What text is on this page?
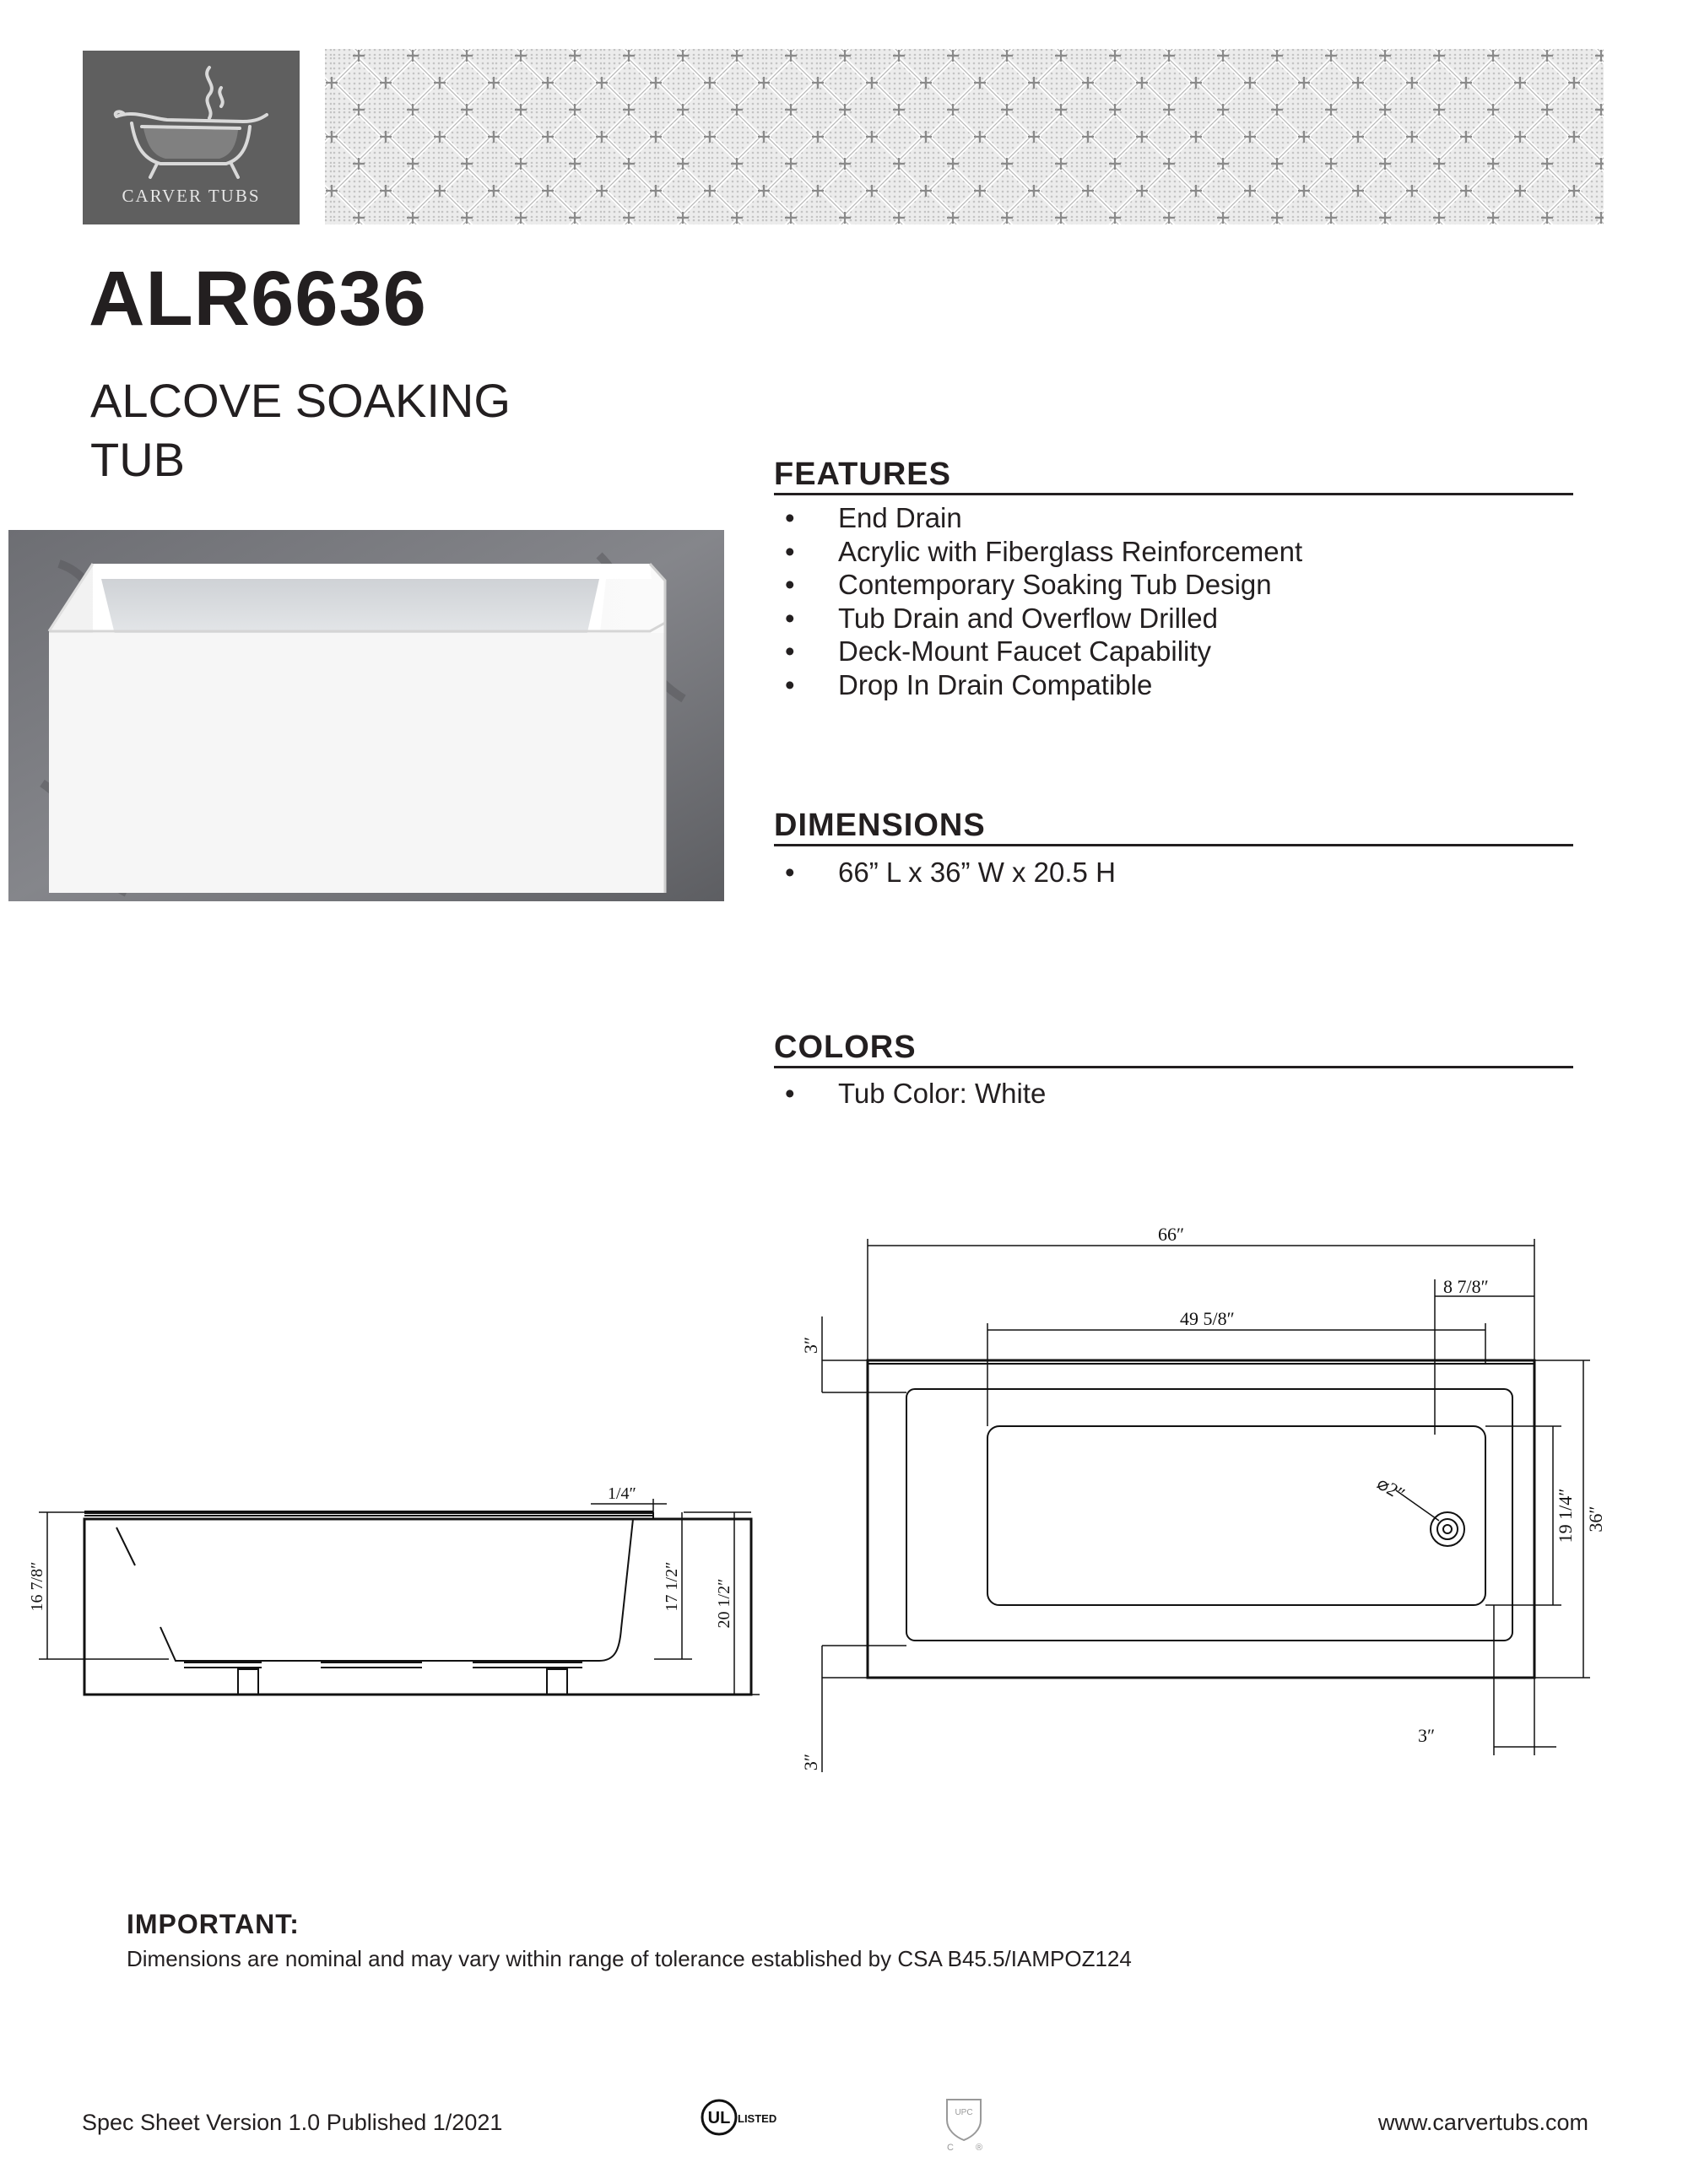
CARVER TUBS
ALR6636
ALCOVE SOAKING TUB	FEATURES
• End Drain
• Acrylic with Fiberglass Reinforcement
• Contemporary Soaking Tub Design
• Tub Drain and Overflow Drilled
• Deck-Mount Faucet Capability
• Drop In Drain Compatible
DIMENSIONS
• 66” L x 36” W x 20.5 H
COLORS
• Tub Color: White
1/4″
16 7/8″	17 1/2″ 20 1/2″
66″
8 7/8″
49 5/8″
3″
⌀2″	19 1/4″ 36″
3″
3″
IMPORTANT:
Dimensions are nominal and may vary within range of tolerance established by CSA B45.5/IAMPOZ124
Spec Sheet Version 1.0 Published 1/2021	UL LISTED	UPC
C ®
www.carvertubs.com
